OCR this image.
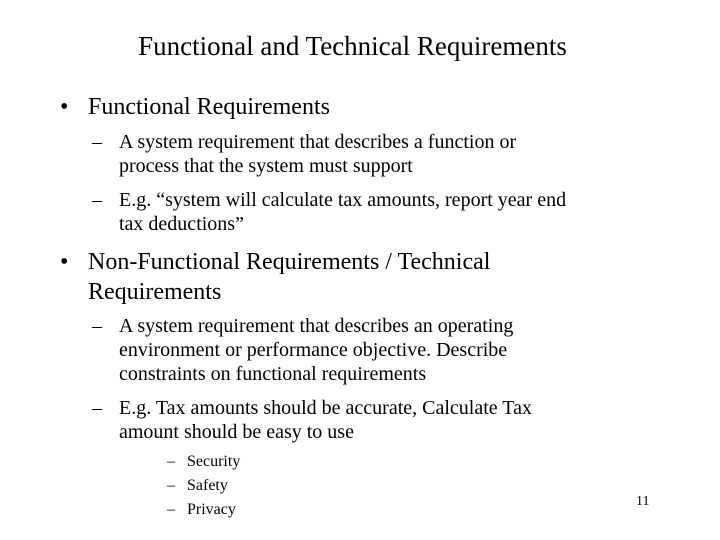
Functional and Technical Requirements
• Functional Requirements
– A system requirement that describes a function or
process that the system must support
– E.g. “system will calculate tax amounts, report year end
tax deductions”
• Non-Functional Requirements / Technical
Requirements
– A system requirement that describes an operating
environment or performance objective. Describe
constraints on functional requirements
– E.g. Tax amounts should be accurate, Calculate Tax
amount should be easy to use
– Security
– Safety
– Privacy	11
